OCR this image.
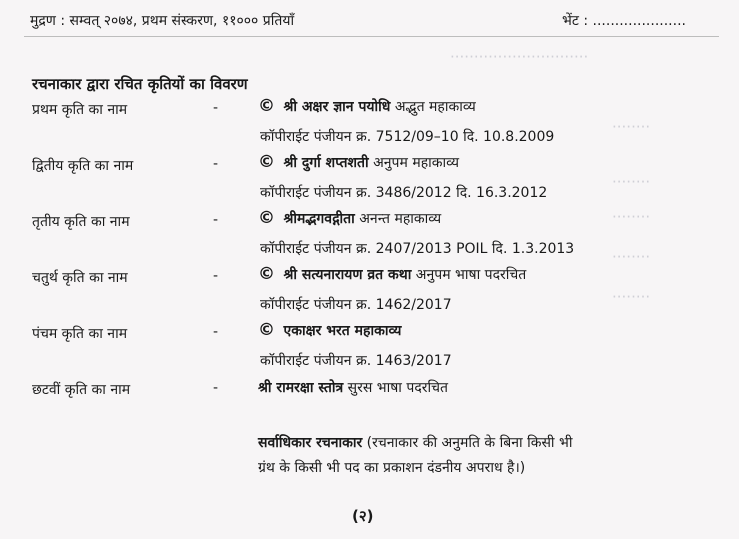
·····························
········
········
········
········
········
मुद्रण : सम्वत् २०७४, प्रथम संस्करण, ११००० प्रतियाँ	भेंट : .....................
रचनाकार द्वारा रचित कृतियों का विवरण
प्रथम कृति का नाम	- © श्री अक्षर ज्ञान पयोधि अद्भुत महाकाव्य
कॉपीराईट पंजीयन क्र. 7512/09–10 दि. 10.8.2009
द्वितीय कृति का नाम	- © श्री दुर्गा शप्तशती अनुपम महाकाव्य
कॉपीराईट पंजीयन क्र. 3486/2012 दि. 16.3.2012
तृतीय कृति का नाम	- © श्रीमद्भगवद्गीता अनन्त महाकाव्य
कॉपीराईट पंजीयन क्र. 2407/2013 POIL दि. 1.3.2013
चतुर्थ कृति का नाम	- © श्री सत्यनारायण व्रत कथा अनुपम भाषा पदरचित
कॉपीराईट पंजीयन क्र. 1462/2017
पंचम कृति का नाम	- © एकाक्षर भरत महाकाव्य
कॉपीराईट पंजीयन क्र. 1463/2017
छटवीं कृति का नाम	-	श्री रामरक्षा स्तोत्र सुरस भाषा पदरचित
सर्वाधिकार रचनाकार (रचनाकार की अनुमति के बिना किसी भी
ग्रंथ के किसी भी पद का प्रकाशन दंडनीय अपराध है।)
(२)
